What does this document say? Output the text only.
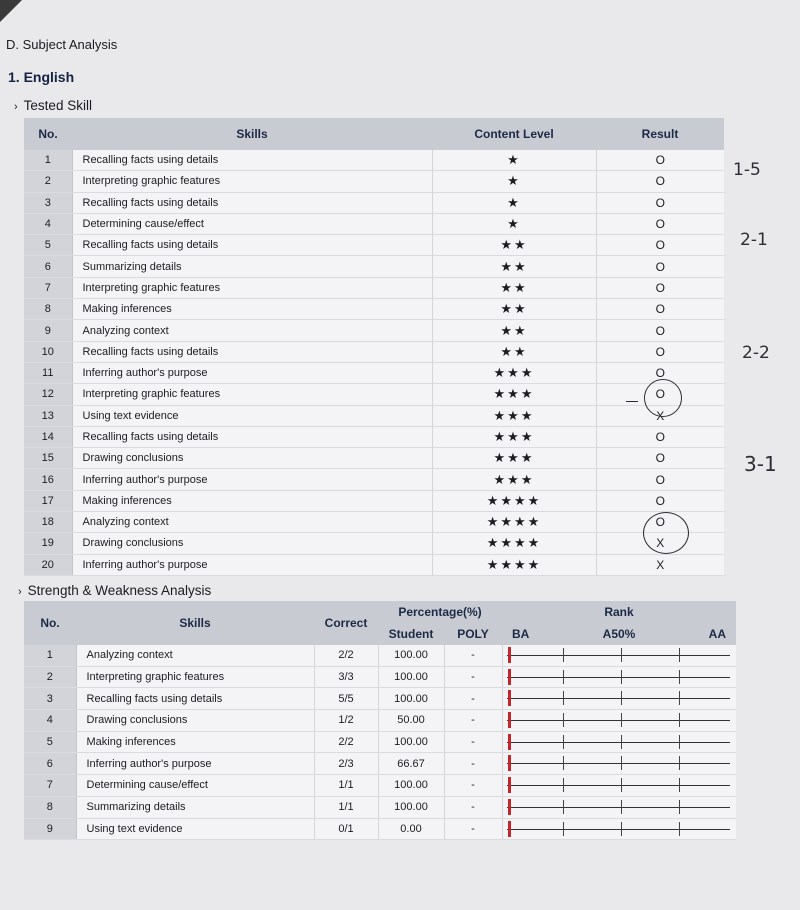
D. Subject Analysis
1. English
› Tested Skill
No.	Skills	Content Level	Result
1	Recalling facts using details	★	O
2	Interpreting graphic features	★	O
3	Recalling facts using details	★	O
4	Determining cause/effect	★	O
5	Recalling facts using details	★★	O
6	Summarizing details	★★	O
7	Interpreting graphic features	★★	O
8	Making inferences	★★	O
9	Analyzing context	★★	O
10	Recalling facts using details	★★	O
11	Inferring author's purpose	★★★	O
12	Interpreting graphic features	★★★	O
13	Using text evidence	★★★	X
14	Recalling facts using details	★★★	O
15	Drawing conclusions	★★★	O
16	Inferring author's purpose	★★★	O
17	Making inferences	★★★★	O
18	Analyzing context	★★★★	O
19	Drawing conclusions	★★★★	X
20	Inferring author's purpose	★★★★	X
› Strength & Weakness Analysis
No.	Skills	Correct	Percentage(%)		Rank
			Student	POLY	BA A50% AA

1	Analyzing context	2/2	100.00	-	

2	Interpreting graphic features	3/3	100.00	-	

3	Recalling facts using details	5/5	100.00	-	

4	Drawing conclusions	1/2	50.00	-	

5	Making inferences	2/2	100.00	-	

6	Inferring author's purpose	2/3	66.67	-	

7	Determining cause/effect	1/1	100.00	-	

8	Summarizing details	1/1	100.00	-	

9	Using text evidence	0/1	0.00	-	
1-5
2-1
2-2
3-1
